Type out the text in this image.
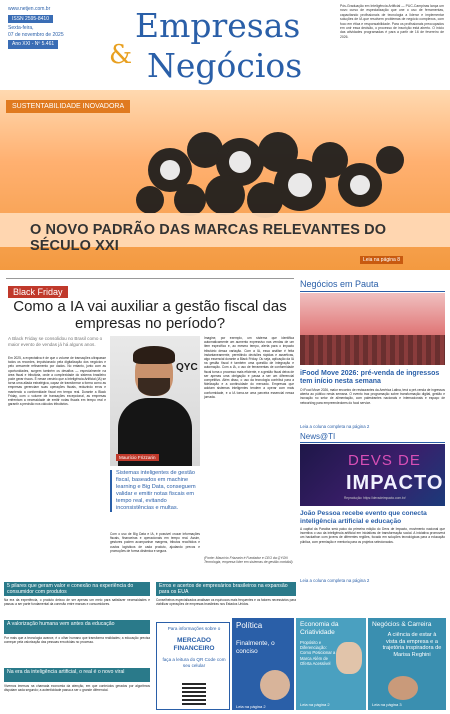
www.netjen.com.br
ISSN 2595-8410
Sexta-feira,
07 de novembro de 2025
Ano XXI - Nº 5.461	Empresas
& Negócios
Pós-Graduação em Inteligência Artificial — PUC-Campinas lança um novo curso de especialização que une o uso de ferramentas, capacitando profissionais de tecnologia a liderar e implementar soluções de IA que resolvem problemas de negócio complexos, com foco em ética e responsabilidade. Para os profissionais preocupados em unir essa decisão, o processo de inscrição está aberto. O início das atividades programadas é para a partir de 16 de fevereiro de 2026.
SUSTENTABILIDADE INOVADORA
O NOVO PADRÃO DAS MARCAS RELEVANTES DO SÉCULO XXI
Leia na página 8
Black Friday
Como a IA vai auxiliar a gestão fiscal das empresas no período?
A Black Friday se consolidou no Brasil como o maior evento de vendas já há alguns anos.
Em 2025, a expectativa é de que o volume de transações ultrapasse todos os recordes, impulsionado pela digitalização dos negócios e pelo crescente refinamento por dados. No entanto, junto com as oportunidades, surgem também os desafios — especialmente na área fiscal e tributária, onde a complexidade do sistema brasileiro pode gerar riscos. É nesse cenário que a Inteligência Artificial (IA) se torna uma aliada estratégica, capaz de transformar a forma como as empresas gerenciam suas operações fiscais, reduzindo erros e mantendo a conformidade fiscal em tempo real. Durante a Black Friday, com o volume de transações excepcional, as empresas enfrentam a necessidade de emitir notas fiscais em tempo real e garantir a precisão nos cálculos tributários.
QYC
Maurício Frizzarin
Sistemas inteligentes de gestão fiscal, baseados em machine learning e Big Data, conseguem validar e emitir notas fiscais em tempo real, evitando inconsistências e multas.
Com o uso de Big Data e IA, é possível cruzar informações fiscais, financeiras e operacionais em tempo real. Assim, gestores podem acompanhar margens, tributos recolhidos e custos logísticos de cada produto, ajudando precos e promoções de forma dinâmica e segura.
Imagine, por exemplo, um sistema que identifica automaticamente um aumento expressivo nas vendas de um item específico e, ao mesmo tempo, alerta para o impacto tributário dessa variação. Com a IA, essa análise é feita instantaneamente, permitindo decisões rápidas e assertivas, algo essencial durante a Black Friday. Ou seja, aplicação da IA na gestão fiscal é também uma questão de integração e automação. Com a IA, o uso de ferramentas de conformidade fiscal torna o processo mais eficiente, e a gestão fiscal deixa de ser apenas uma obrigação e passa a ser um diferencial competitivo. Além disso, o uso da tecnologia contribui para a fidelização e a continuidade do mercado. Empresas que adotam sistemas inteligentes tendem a operar com mais conformidade, e a IA torna-se uma parceira essencial nessa jornada.
(Fonte: Maurício Frizzarin é Fundador e CEO da QYON Tecnologia, empresa líder em sistemas de gestão contábil).
Negócios em Pauta
iFood Move 2026: pré-venda de ingressos tem início nesta semana
O iFood Move 2026, maior encontro de restaurantes da América Latina, terá a pré-venda de ingressos aberta ao público nesta semana. O evento traz programação sobre transformação digital, gestão e inovação no setor de alimentação, com palestrantes nacionais e internacionais e espaço de networking para empreendedores do food service.
Leia a coluna completa na página 2
News@TI
DEVS DE
IMPACTO
Reprodução: https://devsdeimpacto.com.br/
João Pessoa recebe evento que conecta inteligência artificial e educação
A capital da Paraíba será palco da primeira edição do Devs de Impacto, movimento nacional que incentiva o uso da inteligência artificial em iniciativas de transformação social. A iniciativa promoverá um hackathon com jovens de diferentes regiões, focado em soluções tecnológicas para a educação pública, com premiação e mentoria para os projetos selecionados.
Leia a coluna completa na página 2
5 pilares que geram valor e conexão na experiência do consumidor com produtos
Na era da experiência, o produto deixou de ser apenas um meio para satisfazer necessidades e passou a ser parte fundamental da conexão entre marcas e consumidores.
A valorização humana vem antes da educação
Por mais que a tecnologia avance, é o olhar humano que transforma realidades; a educação precisa começar pela valorização das pessoas envolvidas no processo.
Na era da inteligência artificial, o real é o novo viral
Vivemos imersos na chamada economia da atenção, em que conteúdos gerados por algoritmos disputam cada segundo; a autenticidade passa a ser o grande diferencial.
Erros e acertos de empresários brasileiros na expansão para os EUA
Conselheiros especializados analisam os equívocos mais frequentes e os fatores necessários para viabilizar operações de empresas brasileiras nos Estados Unidos.
Para informações sobre o
MERCADO FINANCEIRO
faça a leitura do QR Code com seu celular
Política
Finalmente, o conciso
Leia na página 2
Economia da Criatividade
Propósito e Diferenciação: Como Posicionar a Marca Além de Oferta Acessível
Leia na página 2
Negócios & Carreira
A ciência de estar à vista da empresa e a trajetória inspiradora de Marisa Reghini
Leia na página 3
